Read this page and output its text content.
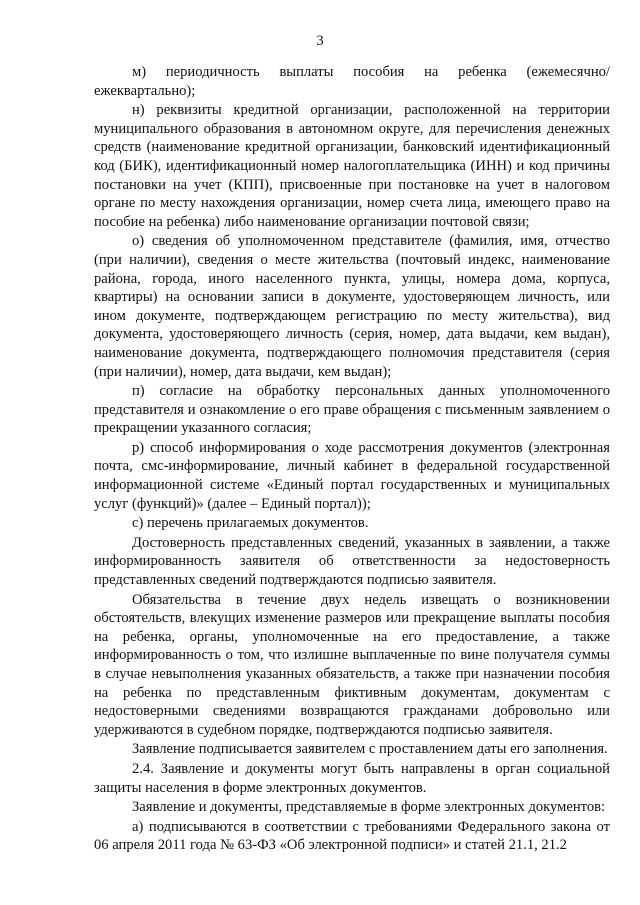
3

м) периодичность выплаты пособия на ребенка (ежемесячно/ ежеквартально);

н) реквизиты кредитной организации, расположенной на территории муниципального образования в автономном округе, для перечисления денежных средств (наименование кредитной организации, банковский идентификационный код (БИК), идентификационный номер налогоплательщика (ИНН) и код причины постановки на учет (КПП), присвоенные при постановке на учет в налоговом органе по месту нахождения организации, номер счета лица, имеющего право на пособие на ребенка) либо наименование организации почтовой связи;

о) сведения об уполномоченном представителе (фамилия, имя, отчество (при наличии), сведения о месте жительства (почтовый индекс, наименование района, города, иного населенного пункта, улицы, номера дома, корпуса, квартиры) на основании записи в документе, удостоверяющем личность, или ином документе, подтверждающем регистрацию по месту жительства), вид документа, удостоверяющего личность (серия, номер, дата выдачи, кем выдан), наименование документа, подтверждающего полномочия представителя (серия (при наличии), номер, дата выдачи, кем выдан);

п) согласие на обработку персональных данных уполномоченного представителя и ознакомление о его праве обращения с письменным заявлением о прекращении указанного согласия;

р) способ информирования о ходе рассмотрения документов (электронная почта, смс-информирование, личный кабинет в федеральной государственной информационной системе «Единый портал государственных и муниципальных услуг (функций)» (далее – Единый портал));

с) перечень прилагаемых документов.

Достоверность представленных сведений, указанных в заявлении, а также информированность заявителя об ответственности за недостоверность представленных сведений подтверждаются подписью заявителя.

Обязательства в течение двух недель извещать о возникновении обстоятельств, влекущих изменение размеров или прекращение выплаты пособия на ребенка, органы, уполномоченные на его предоставление, а также информированность о том, что излишне выплаченные по вине получателя суммы в случае невыполнения указанных обязательств, а также при назначении пособия на ребенка по представленным фиктивным документам, документам с недостоверными сведениями возвращаются гражданами добровольно или удерживаются в судебном порядке, подтверждаются подписью заявителя.

Заявление подписывается заявителем с проставлением даты его заполнения.

2.4. Заявление и документы могут быть направлены в орган социальной защиты населения в форме электронных документов.

Заявление и документы, представляемые в форме электронных документов:

а) подписываются в соответствии с требованиями Федерального закона от 06 апреля 2011 года № 63-ФЗ «Об электронной подписи» и статей 21.1, 21.2
